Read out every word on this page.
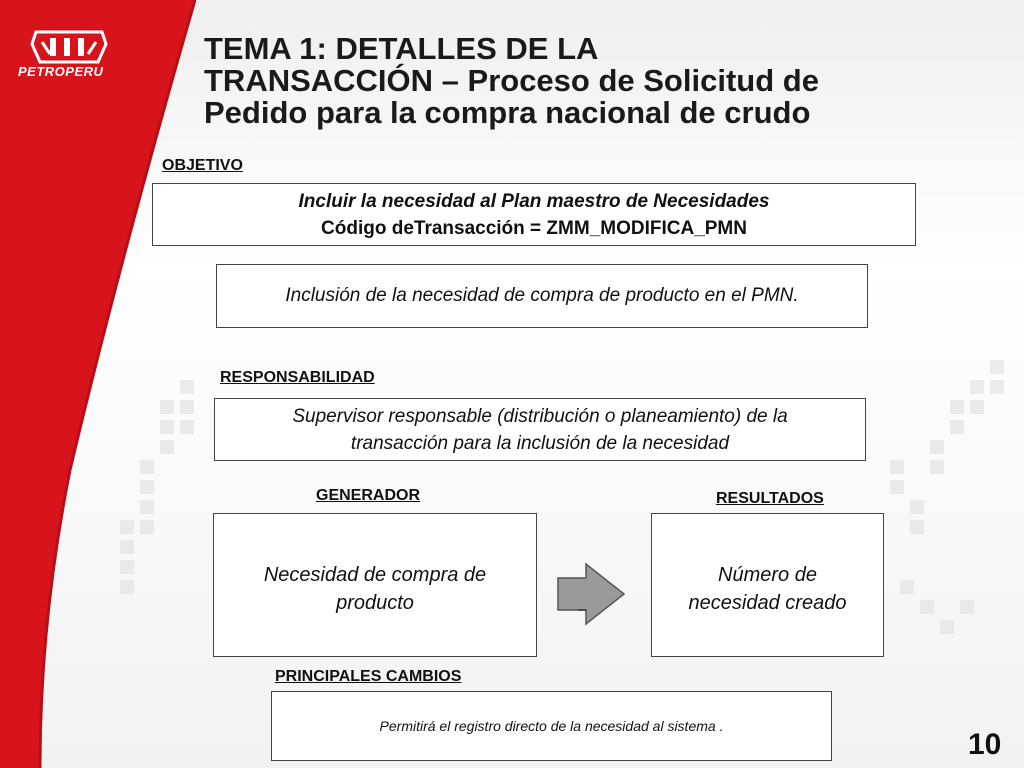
PETROPERU
TEMA 1: DETALLES DE LA
TRANSACCIÓN – Proceso de Solicitud de
Pedido para la compra nacional de crudo
OBJETIVO
Incluir la necesidad al Plan maestro de Necesidades
Código deTransacción = ZMM_MODIFICA_PMN
Inclusión de la necesidad de compra de producto en el PMN.
RESPONSABILIDAD
Supervisor responsable (distribución o planeamiento) de la
transacción para la inclusión de la necesidad
GENERADOR
Necesidad de compra de
producto
RESULTADOS
Número de
necesidad creado
PRINCIPALES CAMBIOS
Permitirá el registro directo de la necesidad al sistema .
10
